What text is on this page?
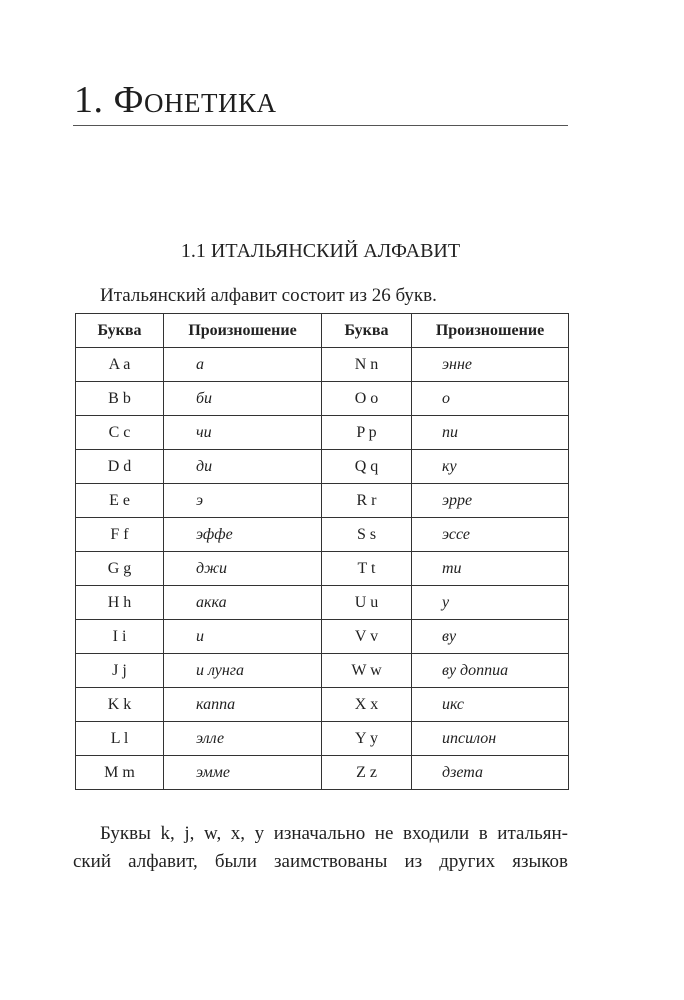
1. Фонетика
1.1 ИТАЛЬЯНСКИЙ АЛФАВИТ

Итальянский алфавит состоит из 26 букв.

Буква	Произношение	Буква	Произношение
A a	а	N n	энне
B b	би	O o	о
C c	чи	P p	пи
D d	ди	Q q	ку
E e	э	R r	эрре
F f	эффе	S s	эссе
G g	джи	T t	ти
H h	акка	U u	у
I i	и	V v	ву
J j	и лунга	W w	ву доппиа
K k	каппа	X x	икс
L l	элле	Y y	ипсилон
M m	эмме	Z z	дзета

Буквы k, j, w, x, y изначально не входили в итальян-
ский алфавит, были заимствованы из других языков
